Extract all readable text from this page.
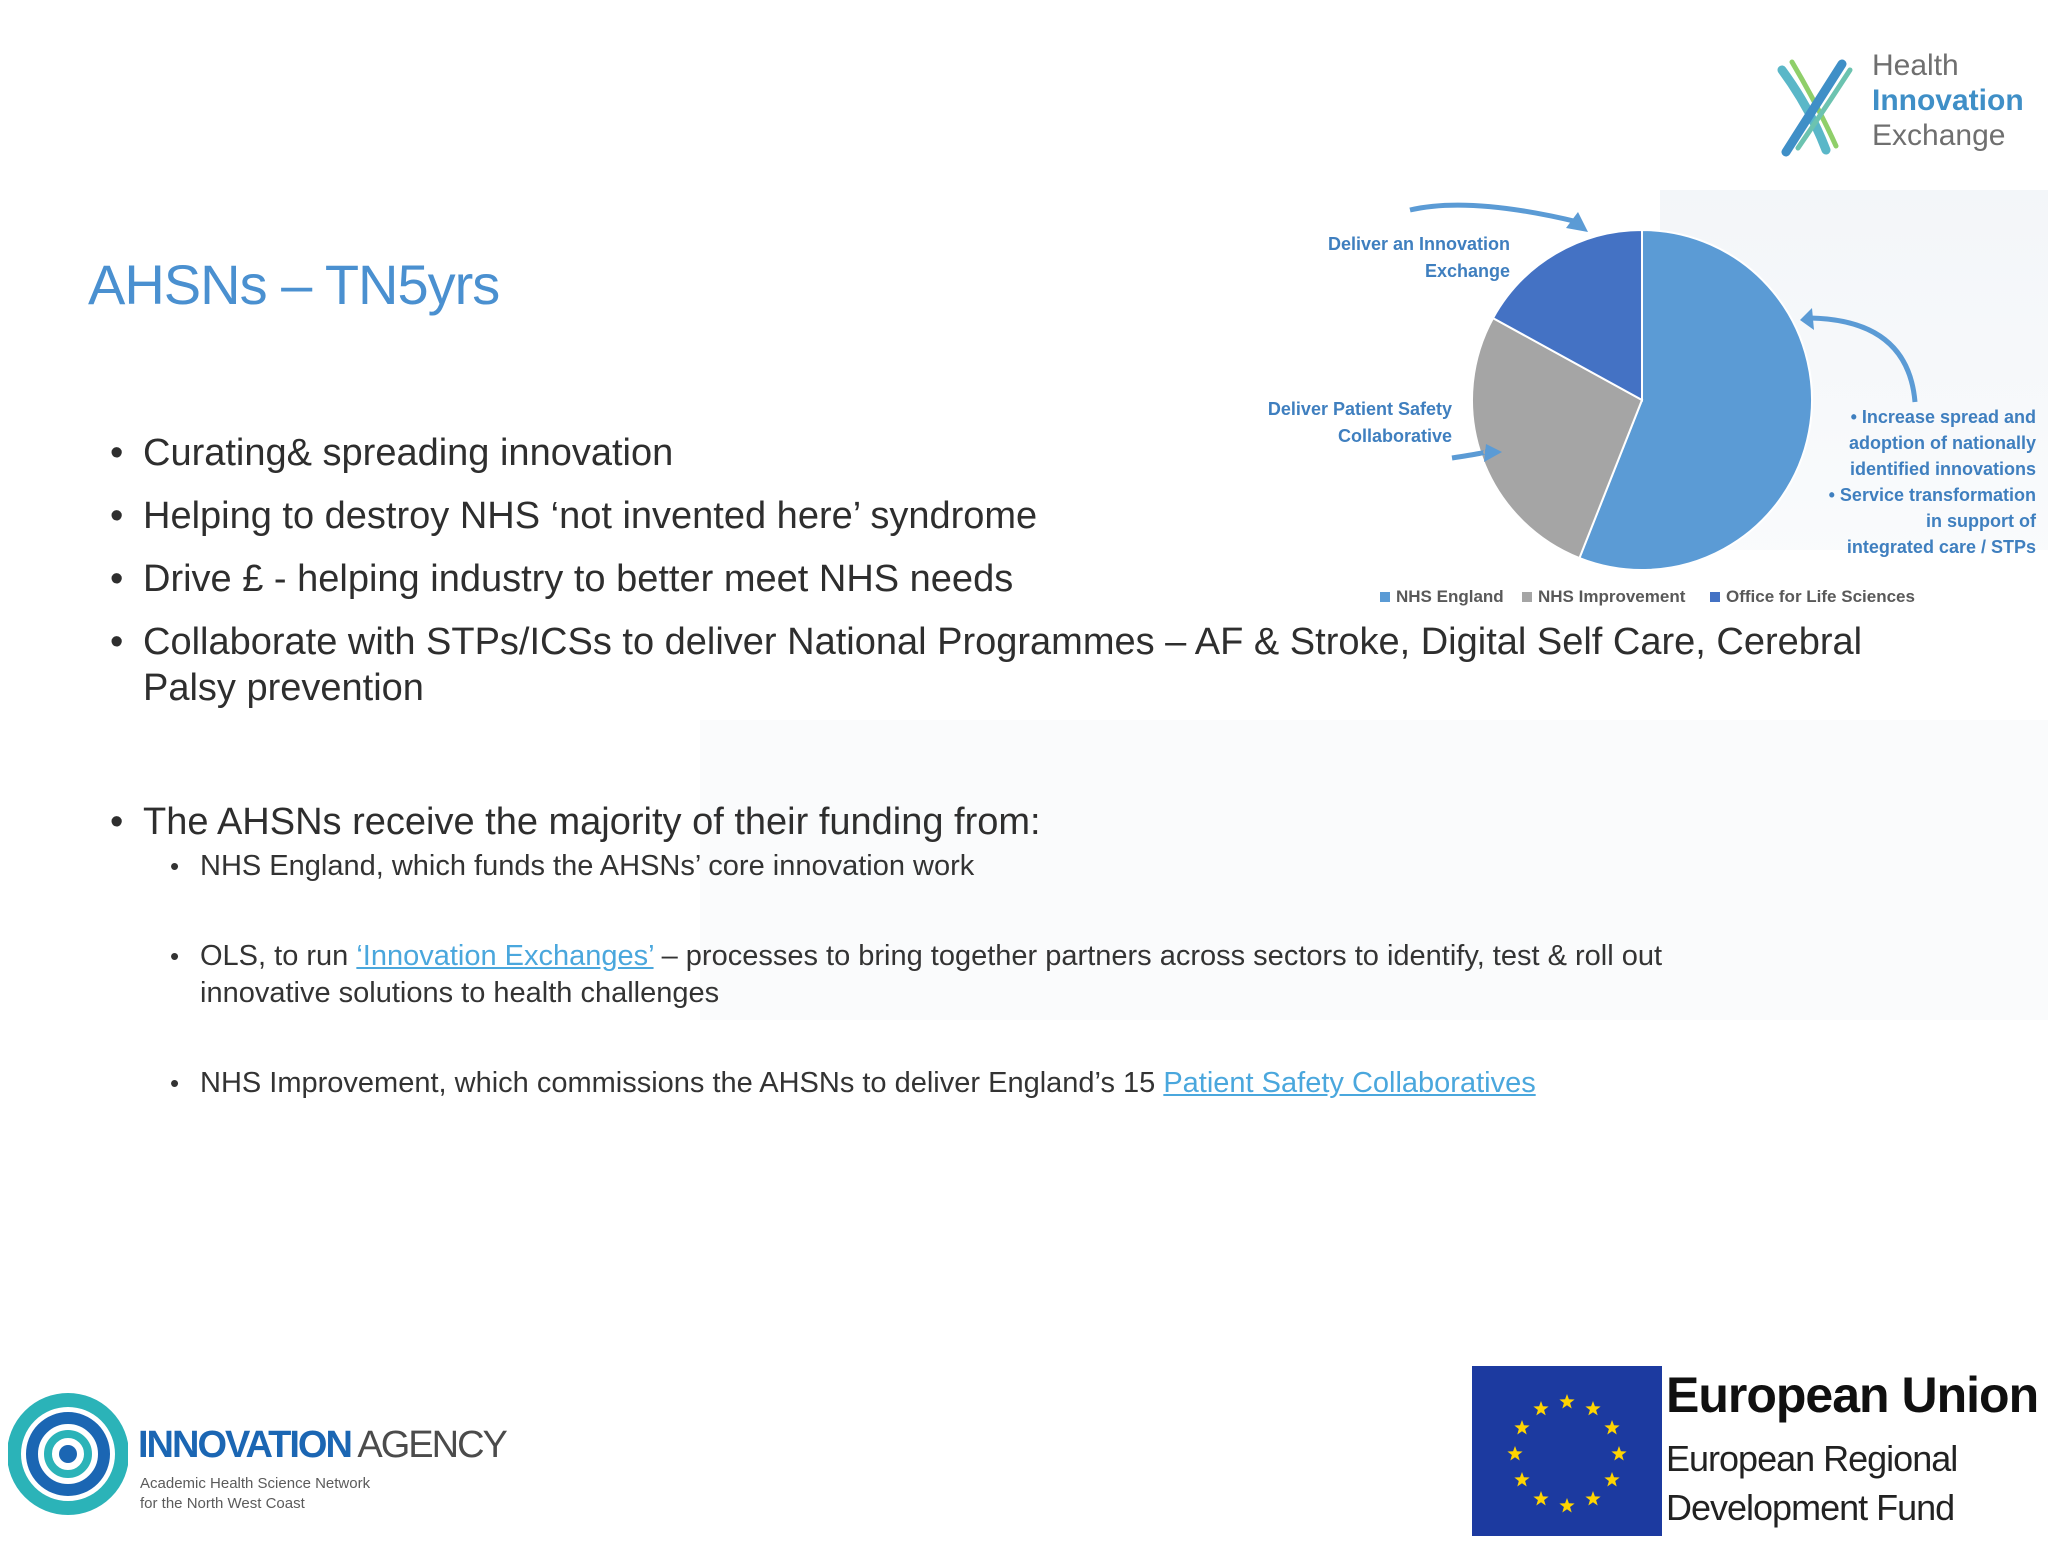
Health
Innovation
Exchange
AHSNs – TN5yrs
Deliver an Innovation
Exchange
Deliver Patient Safety
Collaborative
• Increase spread and
adoption of nationally
identified innovations
• Service transformation
in support of
integrated care / STPs
NHS England NHS Improvement Office for Life Sciences
• Curating& spreading innovation
• Helping to destroy NHS ‘not invented here’ syndrome
• Drive £ - helping industry to better meet NHS needs
• Collaborate with STPs/ICSs to deliver National Programmes – AF & Stroke, Digital Self Care, Cerebral Palsy prevention
• The AHSNs receive the majority of their funding from:
• NHS England, which funds the AHSNs’ core innovation work
• OLS, to run ‘Innovation Exchanges’ – processes to bring together partners across sectors to identify, test & roll out innovative solutions to health challenges
• NHS Improvement, which commissions the AHSNs to deliver England’s 15 Patient Safety Collaboratives
INNOVATION AGENCY
Academic Health Science Network
for the North West Coast
European Union
European Regional
Development Fund
